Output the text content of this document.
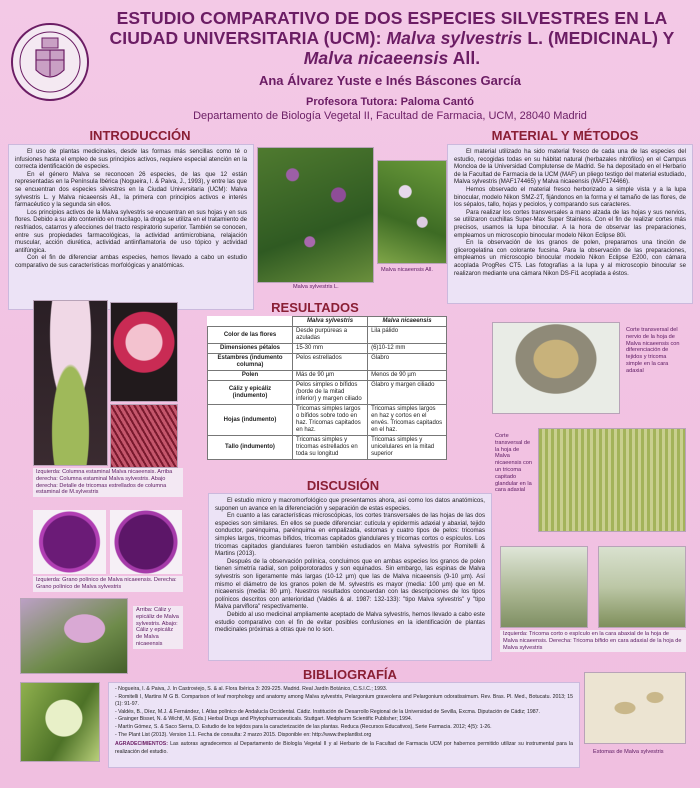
ESTUDIO COMPARATIVO DE DOS ESPECIES SILVESTRES EN LA
CIUDAD UNIVERSITARIA (UCM): Malva sylvestris L. (MEDICINAL) Y
Malva nicaeensis All.
Ana Álvarez Yuste e Inés Báscones García
Profesora Tutora: Paloma Cantó
Departamento de Biología Vegetal II, Facultad de Farmacia, UCM, 28040 Madrid
INTRODUCCIÓN

El uso de plantas medicinales, desde las formas más sencillas como té o infusiones hasta el empleo de sus principios activos, requiere especial atención en la correcta identificación de especies.

En el género Malva se reconocen 26 especies, de las que 12 están representadas en la Península Ibérica (Nogueira, I. & Paiva, J., 1993), y entre las que se encuentran dos especies silvestres en la Ciudad Universitaria (UCM): Malva sylvestris L. y Malva nicaeensis All., la primera con principios activos e interés farmacéutico y la segunda sin ellos.

Los principios activos de la Malva sylvestris se encuentran en sus hojas y en sus flores. Debido a su alto contenido en mucílago, la droga se utiliza en el tratamiento de resfriados, catarros y afecciones del tracto respiratorio superior. También se conocen, entre sus propiedades farmacológicas, la actividad antimicrobiana, relajación muscular, acción diurética, actividad antiinflamatoria de uso tópico y actividad antifúngica.

Con el fin de diferenciar ambas especies, hemos llevado a cabo un estudio comparativo de sus características morfológicas y anatómicas.

Malva sylvestris L.
Malva nicaeensis All.
MATERIAL Y MÉTODOS

El material utilizado ha sido material fresco de cada una de las especies del estudio, recogidas todas en su hábitat natural (herbazales nitrófilos) en el Campus Moncloa de la Universidad Complutense de Madrid. Se ha depositado en el Herbario de la Facultad de Farmacia de la UCM (MAF) un pliego testigo del material estudiado, Malva sylvestris (MAF174465) y Malva nicaeensis (MAF174466).

Hemos observado el material fresco herborizado a simple vista y a la lupa binocular, modelo Nikon SMZ-2T, fijándonos en la forma y el tamaño de las flores, de los sépalos, tallo, hojas y peciolos, y comparando sus caracteres.

Para realizar los cortes transversales a mano alzada de las hojas y sus nervios, se utilizaron cuchillas Super-Max Super Stainless. Con el fin de realizar cortes más precisos, usamos la lupa binocular. A la hora de observar las preparaciones, empleamos un microscopio binocular modelo Nikon Eclipse 80i.

En la observación de los granos de polen, preparamos una tinción de glicerogelatina con colorante fucsina. Para la observación de las preparaciones, empleamos un microscopio binocular modelo Nikon Eclipse E200, con cámara acoplada ProgRes CT5. Las fotografías a la lupa y al microscopio binocular se realizaron mediante una cámara Nikon DS-Fi1 acoplada a éstos.

RESULTADOS
	Malva sylvestris	Malva nicaeensis
Color de las flores	Desde purpúreas a azuladas	Lila pálido
Dimensiones pétalos	15-30 mm	(6)10-12 mm
Estambres (indumento columna)	Pelos estrellados	Glabro
Polen	Más de 90 µm	Menos de 90 µm
Cáliz y epicáliz (indumento)	Pelos simples o bífidos (borde de la mitad inferior) y margen ciliado	Glabro y margen ciliado
Hojas (indumento)	Tricomas simples largos o bífidos sobre todo en haz. Tricomas capitados en haz.	Tricomas simples largos en haz y cortos en el envés. Tricomas capitados en el haz.
Tallo (indumento)	Tricomas simples y tricomas estrellados en toda su longitud	Tricomas simples y unicelulares en la mitad superior
Izquierda: Columna estaminal Malva nicaeensis. Arriba derecha: Columna estaminal Malva sylvestris. Abajo derecha: Detalle de tricomas estrellados de columna estaminal de M.sylvestris
Izquierda: Grano polínico de Malva nicaeensis. Derecha: Grano polínico de Malva sylvestris
Arriba: Cáliz y epicáliz de Malva sylvestris. Abajo: Cáliz y epicáliz de Malva nicaeensis
Corte transversal del nervio de la hoja de Malva nicaeensis con diferenciación de tejidos y tricoma simple en la cara adaxial
Corte transversal de la hoja de Malva nicaeensis con un tricoma capitado glandular en la cara adaxial
Izquierda: Tricoma corto o espículo en la cara abaxial de la hoja de Malva nicaeensis. Derecha: Tricoma bífido en cara adaxial de la hoja de Malva sylvestris
Estomas de Malva sylvestris
DISCUSIÓN

El estudio micro y macromorfológico que presentamos ahora, así como los datos anatómicos, suponen un avance en la diferenciación y separación de estas especies.

En cuanto a las características microscópicas, los cortes transversales de las hojas de las dos especies son similares. En ellos se puede diferenciar: cutícula y epidermis adaxial y abaxial, tejido conductor, parénquima, parénquima en empalizada, estomas y cuatro tipos de pelos: tricomas simples largos, tricomas bífidos, tricomas capitados glandulares y tricomas cortos o espículos. Los tricomas capitados glandulares fueron también estudiados en Malva sylvestris por Romitelli & Martins (2013).

Después de la observación polínica, concluimos que en ambas especies los granos de polen tienen simetría radial, son poliporotorados y son equinados. Sin embargo, las espinas de Malva sylvestris son ligeramente más largas (10-12 µm) que las de Malva nicaeensis (9-10 µm). Así mismo el diámetro de los granos polen de M. sylvestris es mayor (media: 100 µm) que en M. nicaeensis (media: 80 µm). Nuestros resultados concuerdan con las descripciones de los tipos polínicos descritos con anterioridad (Valdés & al. 1987: 132-133): "tipo Malva sylvestris" y "tipo Malva parviflora" respectivamente.

Debido al uso medicinal ampliamente aceptado de Malva sylvestris, hemos llevado a cabo este estudio comparativo con el fin de evitar posibles confusiones en la identificación de plantas medicinales próximas a otras que no lo son.

BIBLIOGRAFÍA
- Nogueira, I. & Paiva, J. In Castroviejo, S. & al. Flora Ibérica 3: 209-225. Madrid. Real Jardín Botánico, C.S.I.C.; 1993.
- Romitelli I, Martins M G B. Comparison of leaf morphology and anatomy among Malva sylvestris, Pelargonium graveolens and Pelargonium odoratissimum. Rev. Bras. Pl. Med., Botucatu. 2013; 15 (1): 91-97.
- Valdés, B., Díez, M.J. & Fernández, I. Atlas polínico de Andalucía Occidental. Cádiz. Institución de Desarrollo Regional de la Universidad de Sevilla, Excma. Diputación de Cádiz; 1987.
- Grainger Bisset, N. & Wichtl, M. (Eds.) Herbal Drugs and Phytopharmaceuticals. Stuttgart. Medpharm Scientific Publisher; 1994.
- Martín Gómez, S. & Saco Sierra, D. Estudio de los tejidos para la caracterización de las plantas. Reduca (Recursos Educativos), Serie Farmacia. 2012; 4(5): 1-26.
- The Plant List (2013). Version 1.1. Fecha de consulta: 2 marzo 2015. Disponible en: http://www.theplantlist.org
AGRADECIMIENTOS: Las autoras agradecemos al Departamento de Biología Vegetal II y al Herbario de la Facultad de Farmacia UCM por habernos permitido utilizar su instrumental para la realización del estudio.
